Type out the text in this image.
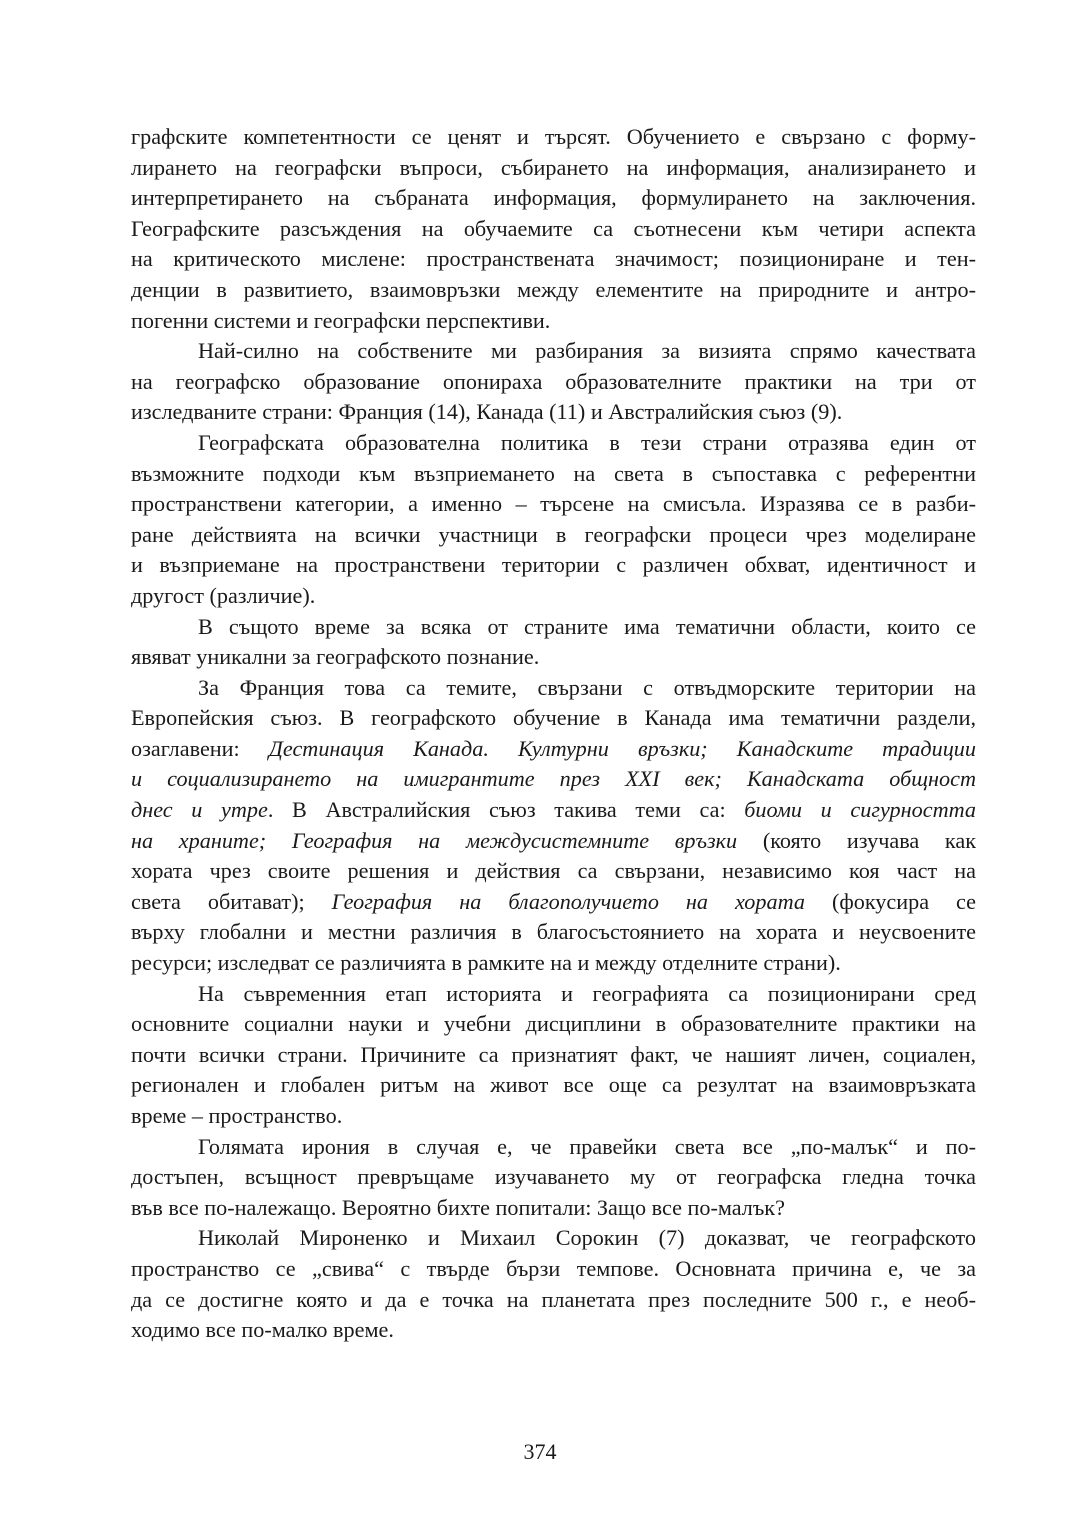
графските компетентности се ценят и търсят. Обучението е свързано с форму-
лирането на географски въпроси, събирането на информация, анализирането и
интерпретирането на събраната информация, формулирането на заключения.
Географските разсъждения на обучаемите са съотнесени към четири аспекта
на критическото мислене: пространствената значимост; позициониране и тен-
денции в развитието, взаимовръзки между елементите на природните и антро-
погенни системи и географски перспективи.
Най-силно на собствените ми разбирания за визията спрямо качествата
на географско образование опонираха образователните практики на три от
изследваните страни: Франция (14), Канада (11) и Австралийския съюз (9).
Географската образователна политика в тези страни отразява един от
възможните подходи към възприемането на света в съпоставка с референтни
пространствени категории, а именно – търсене на смисъла. Изразява се в разби-
ране действията на всички участници в географски процеси чрез моделиране
и възприемане на пространствени територии с различен обхват, идентичност и
другост (различие).
В същото време за всяка от страните има тематични области, които се
явяват уникални за географското познание.
За Франция това са темите, свързани с отвъдморските територии на
Европейския съюз. В географското обучение в Канада има тематични раздели,
озаглавени: Дестинация Канада. Културни връзки; Канадските традиции
и социализирането на имигрантите през XXI век; Канадската общност
днес и утре. В Австралийския съюз такива теми са: биоми и сигурността
на храните; География на междусистемните връзки (която изучава как
хората чрез своите решения и действия са свързани, независимо коя част на
света обитават); География на благополучието на хората (фокусира се
върху глобални и местни различия в благосъстоянието на хората и неусвоените
ресурси; изследват се различията в рамките на и между отделните страни).
На съвременния етап историята и географията са позиционирани сред
основните социални науки и учебни дисциплини в образователните практики на
почти всички страни. Причините са признатият факт, че нашият личен, социален,
регионален и глобален ритъм на живот все още са резултат на взаимовръзката
време – пространство.
Голямата ирония в случая е, че правейки света все „по-малък“ и по-
достъпен, всъщност превръщаме изучаването му от географска гледна точка
във все по-належащо. Вероятно бихте попитали: Защо все по-малък?
Николай Мироненко и Михаил Сорокин (7) доказват, че географското
пространство се „свива“ с твърде бързи темпове. Основната причина е, че за
да се достигне която и да е точка на планетата през последните 500 г., е необ-
ходимо все по-малко време.
374
